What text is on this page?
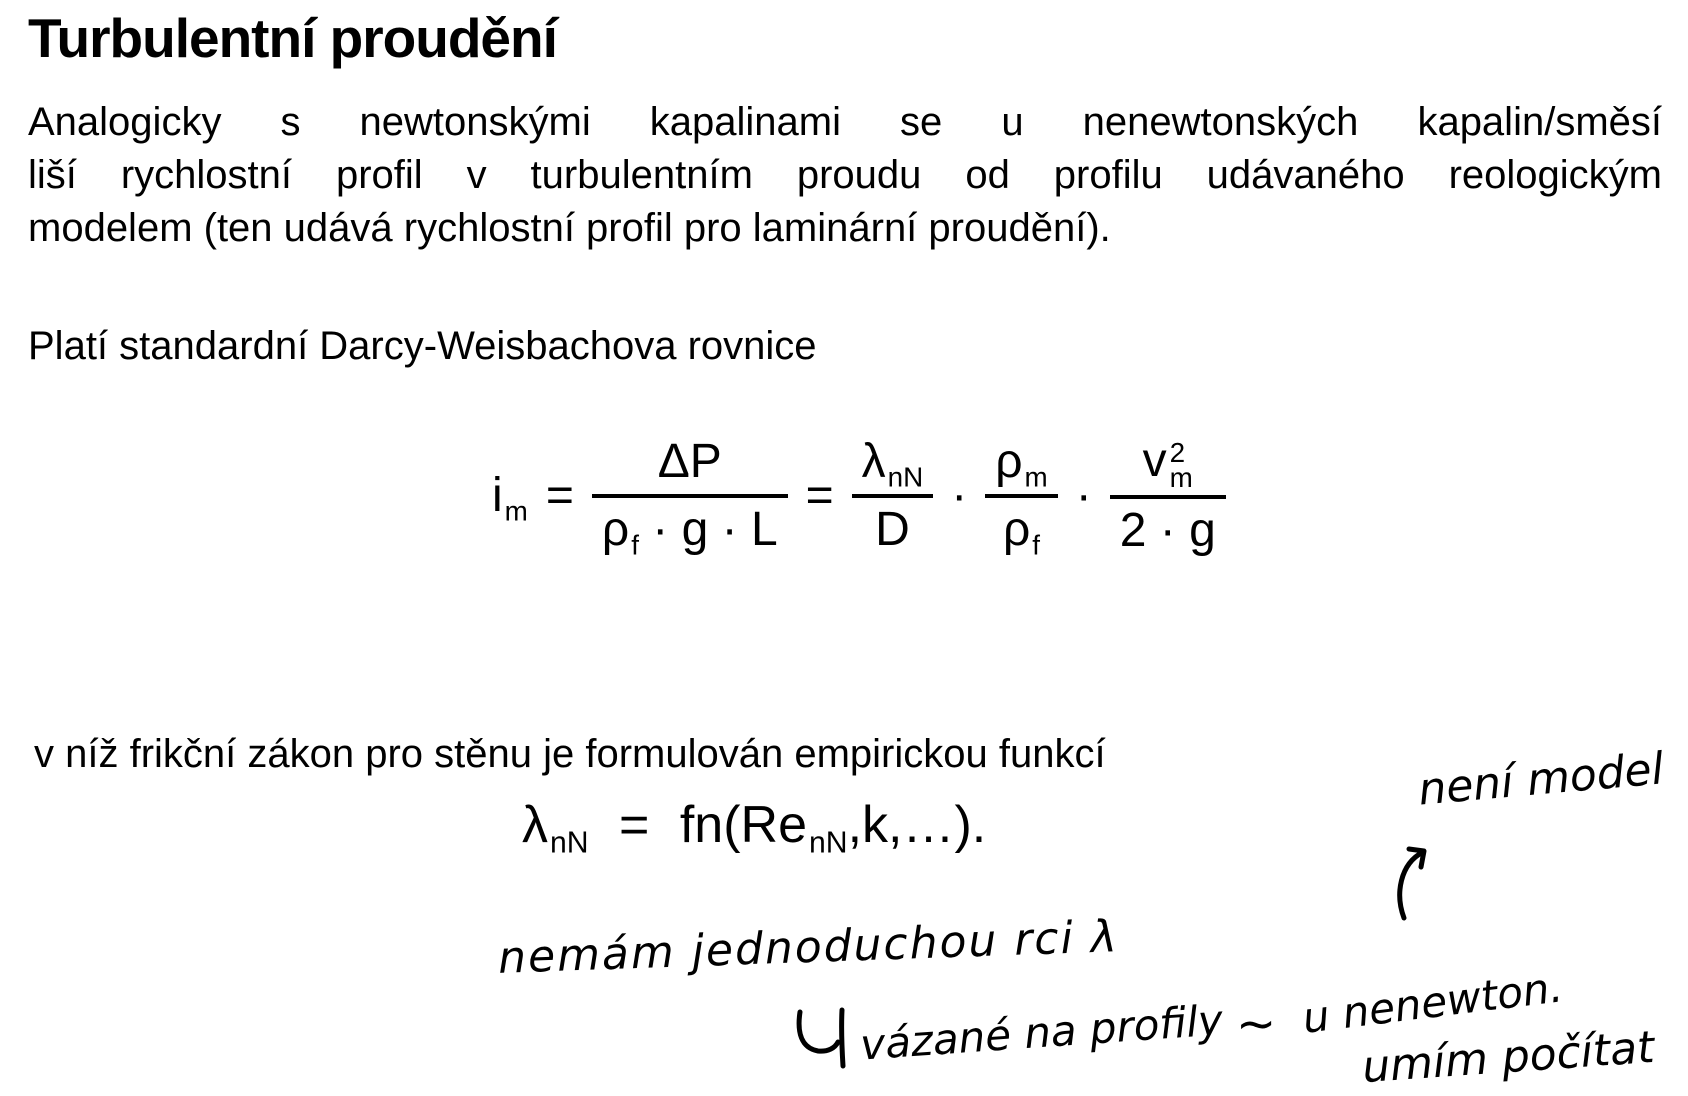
Turbulentní proudění
Analogicky s newtonskými kapalinami se u nenewtonských kapalin/směsí
liší rychlostní profil v turbulentním proudu od profilu udávaného reologickým
modelem (ten udává rychlostní profil pro laminární proudění).
Platí standardní Darcy-Weisbachova rovnice
im = $\frac{\Delta P}{\rho f \cdot g \cdot L} = \frac{\text{λnN}}{D} \cdot \frac{\rho m}{\rho f} \cdot v$ 2
m
2 · g
v níž frikční zákon pro stěnu je formulován empirickou funkcí
λnN = fn(RenN,k,…).
není model
nemám jednoduchou rci λ
vázané na profily ~ u nenewton.
umím počítat
